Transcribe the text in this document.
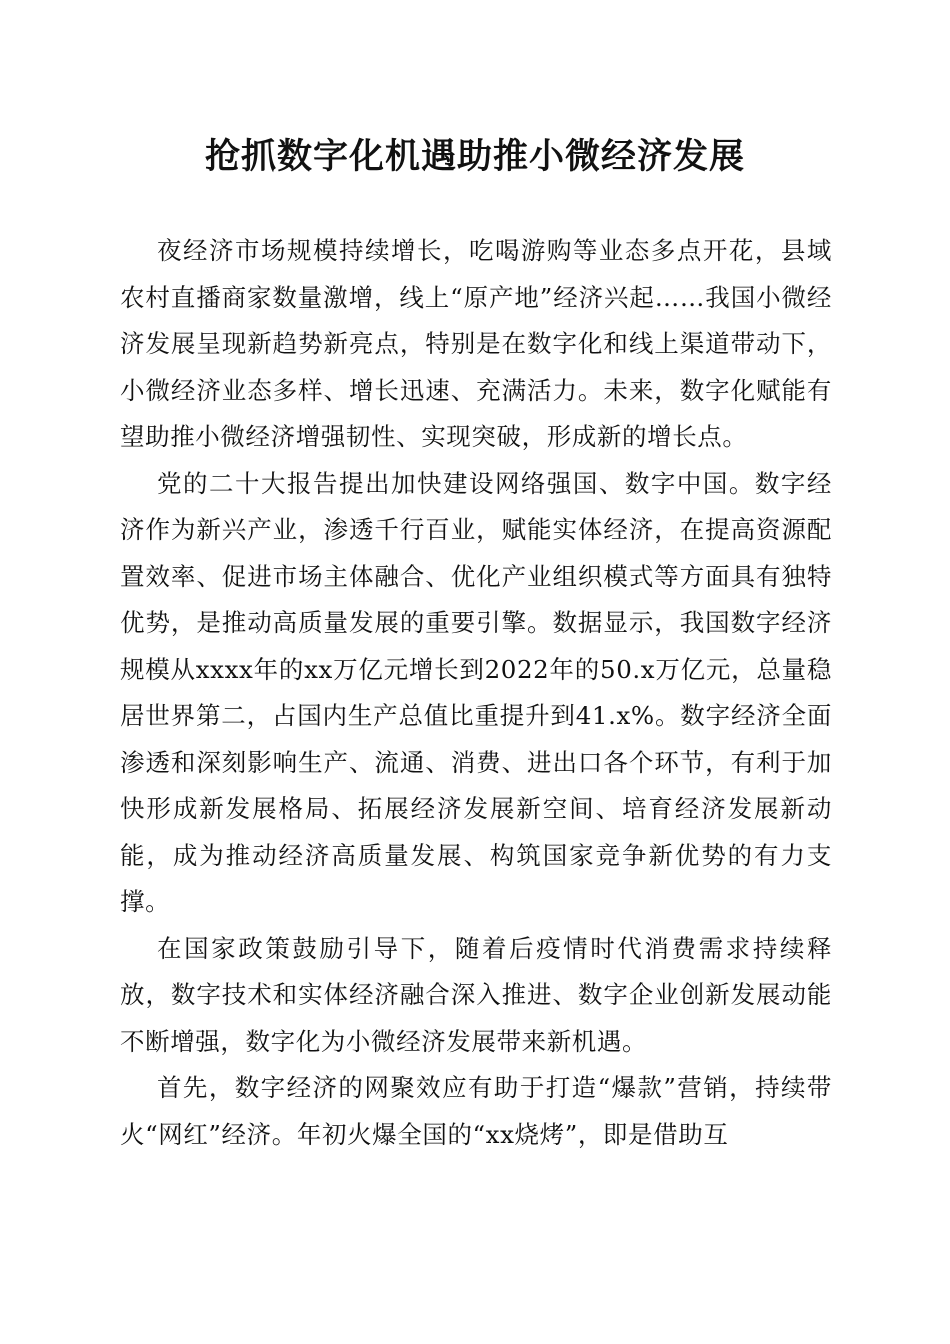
抢抓数字化机遇助推小微经济发展

夜经济市场规模持续增长，吃喝游购等业态多点开花，县域农村直播商家数量激增，线上“原产地”经济兴起……我国小微经济发展呈现新趋势新亮点，特别是在数字化和线上渠道带动下，小微经济业态多样、增长迅速、充满活力。未来，数字化赋能有望助推小微经济增强韧性、实现突破，形成新的增长点。

党的二十大报告提出加快建设网络强国、数字中国。数字经济作为新兴产业，渗透千行百业，赋能实体经济，在提高资源配置效率、促进市场主体融合、优化产业组织模式等方面具有独特优势，是推动高质量发展的重要引擎。数据显示，我国数字经济规模从xxxx年的xx万亿元增长到2022年的50.x万亿元，总量稳居世界第二，占国内生产总值比重提升到41.x%。数字经济全面渗透和深刻影响生产、流通、消费、进出口各个环节，有利于加快形成新发展格局、拓展经济发展新空间、培育经济发展新动能，成为推动经济高质量发展、构筑国家竞争新优势的有力支撑。

在国家政策鼓励引导下，随着后疫情时代消费需求持续释放，数字技术和实体经济融合深入推进、数字企业创新发展动能不断增强，数字化为小微经济发展带来新机遇。

首先，数字经济的网聚效应有助于打造“爆款”营销，持续带火“网红”经济。年初火爆全国的“xx烧烤”，即是借助互
